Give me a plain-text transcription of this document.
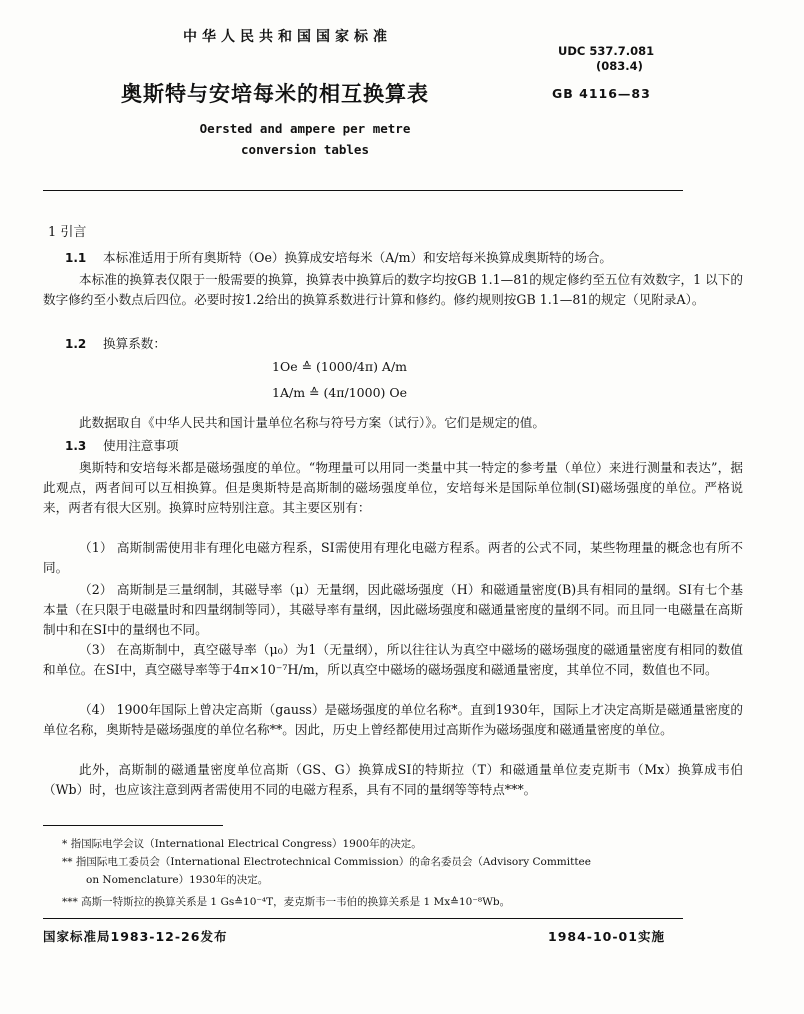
中华人民共和国国家标准
UDC 537.7.081
(083.4)
奥斯特与安培每米的相互换算表	GB 4116—83
Oersted and ampere per metre
conversion tables
1 引言
1.1 本标准适用于所有奥斯特（Oe）换算成安培每米（A/m）和安培每米换算成奥斯特的场合。
本标准的换算表仅限于一般需要的换算，换算表中换算后的数字均按GB 1.1—81的规定修约至五位有效数字，1 以下的数字修约至小数点后四位。必要时按1.2给出的换算系数进行计算和修约。修约规则按GB 1.1—81的规定（见附录A）。
1.2 换算系数：
1Oe ≙ (1000/4π) A/m
1A/m ≙ (4π/1000) Oe
此数据取自《中华人民共和国计量单位名称与符号方案（试行）》。它们是规定的值。
1.3 使用注意事项
奥斯特和安培每米都是磁场强度的单位。“物理量可以用同一类量中其一特定的参考量（单位）来进行测量和表达”，据此观点，两者间可以互相换算。但是奥斯特是高斯制的磁场强度单位，安培每米是国际单位制(SI)磁场强度的单位。严格说来，两者有很大区别。换算时应特别注意。其主要区别有：
（1） 高斯制需使用非有理化电磁方程系，SI需使用有理化电磁方程系。两者的公式不同，某些物理量的概念也有所不同。
（2） 高斯制是三量纲制，其磁导率（μ）无量纲，因此磁场强度（H）和磁通量密度(B)具有相同的量纲。SI有七个基本量（在只限于电磁量时和四量纲制等同），其磁导率有量纲，因此磁场强度和磁通量密度的量纲不同。而且同一电磁量在高斯制中和在SI中的量纲也不同。
（3） 在高斯制中，真空磁导率（μ₀）为1（无量纲），所以往往认为真空中磁场的磁场强度的磁通量密度有相同的数值和单位。在SI中，真空磁导率等于4π×10⁻⁷H/m，所以真空中磁场的磁场强度和磁通量密度，其单位不同，数值也不同。
（4） 1900年国际上曾决定高斯（gauss）是磁场强度的单位名称*。直到1930年，国际上才决定高斯是磁通量密度的单位名称，奥斯特是磁场强度的单位名称**。因此，历史上曾经都使用过高斯作为磁场强度和磁通量密度的单位。
此外，高斯制的磁通量密度单位高斯（GS、G）换算成SI的特斯拉（T）和磁通量单位麦克斯韦（Mx）换算成韦伯（Wb）时，也应该注意到两者需使用不同的电磁方程系，具有不同的量纲等等特点***。
* 指国际电学会议（International Electrical Congress）1900年的决定。
** 指国际电工委员会（International Electrotechnical Commission）的命名委员会（Advisory Committee
on Nomenclature）1930年的决定。
*** 高斯一特斯拉的换算关系是 1 Gs≙10⁻⁴T，麦克斯韦一韦伯的换算关系是 1 Mx≙10⁻⁸Wb。
国家标准局1983-12-26发布	1984-10-01实施
